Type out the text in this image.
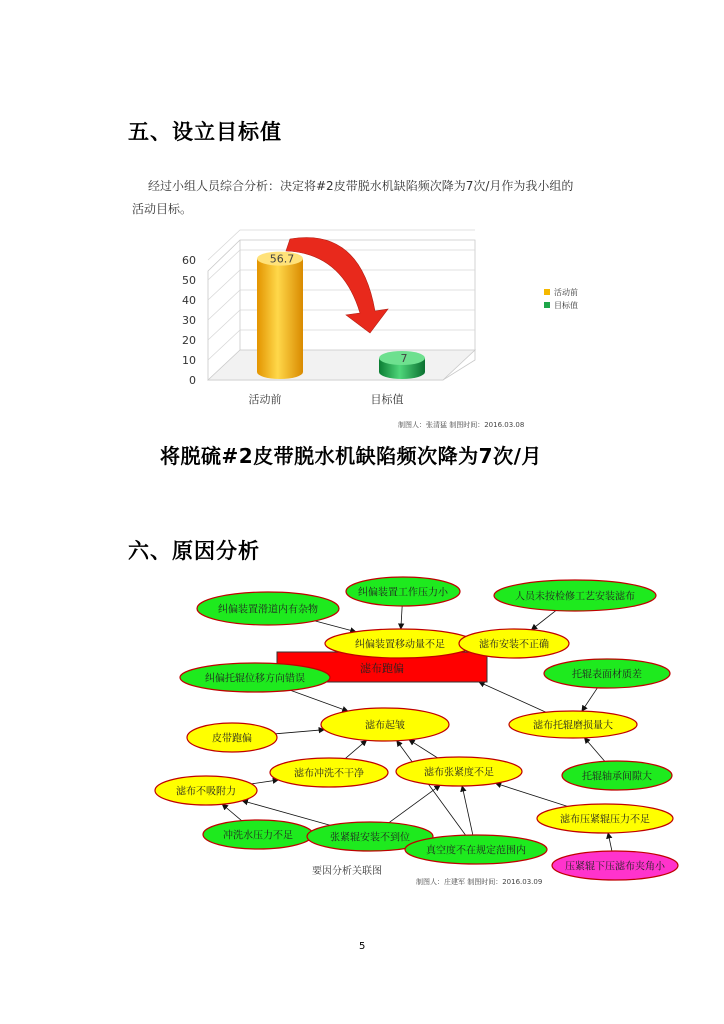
五、设立目标值
经过小组人员综合分析：决定将#2皮带脱水机缺陷频次降为7次/月作为我小组的
活动目标。
0
10
20
30
40
50
60	56.7
7
活动前	目标值
活动前
目标值
制图人：张清猛 制图时间：2016.03.08
将脱硫#2皮带脱水机缺陷频次降为7次/月
六、原因分析
滤布跑偏
纠偏装置滑道内有杂物
纠偏装置工作压力小	人员未按检修工艺安装滤布
纠偏装置移动量不足	滤布安装不正确
纠偏托辊位移方向错误	托辊表面材质差
滤布起皱	滤布托辊磨损量大
皮带跑偏
滤布冲洗不干净	滤布张紧度不足	托辊轴承间隙大
滤布不吸附力
滤布压紧辊压力不足
冲洗水压力不足	张紧辊安装不到位
真空度不在规定范围内
压紧辊下压滤布夹角小
要因分析关联图
制图人：庄建军 制图时间：2016.03.09
5
